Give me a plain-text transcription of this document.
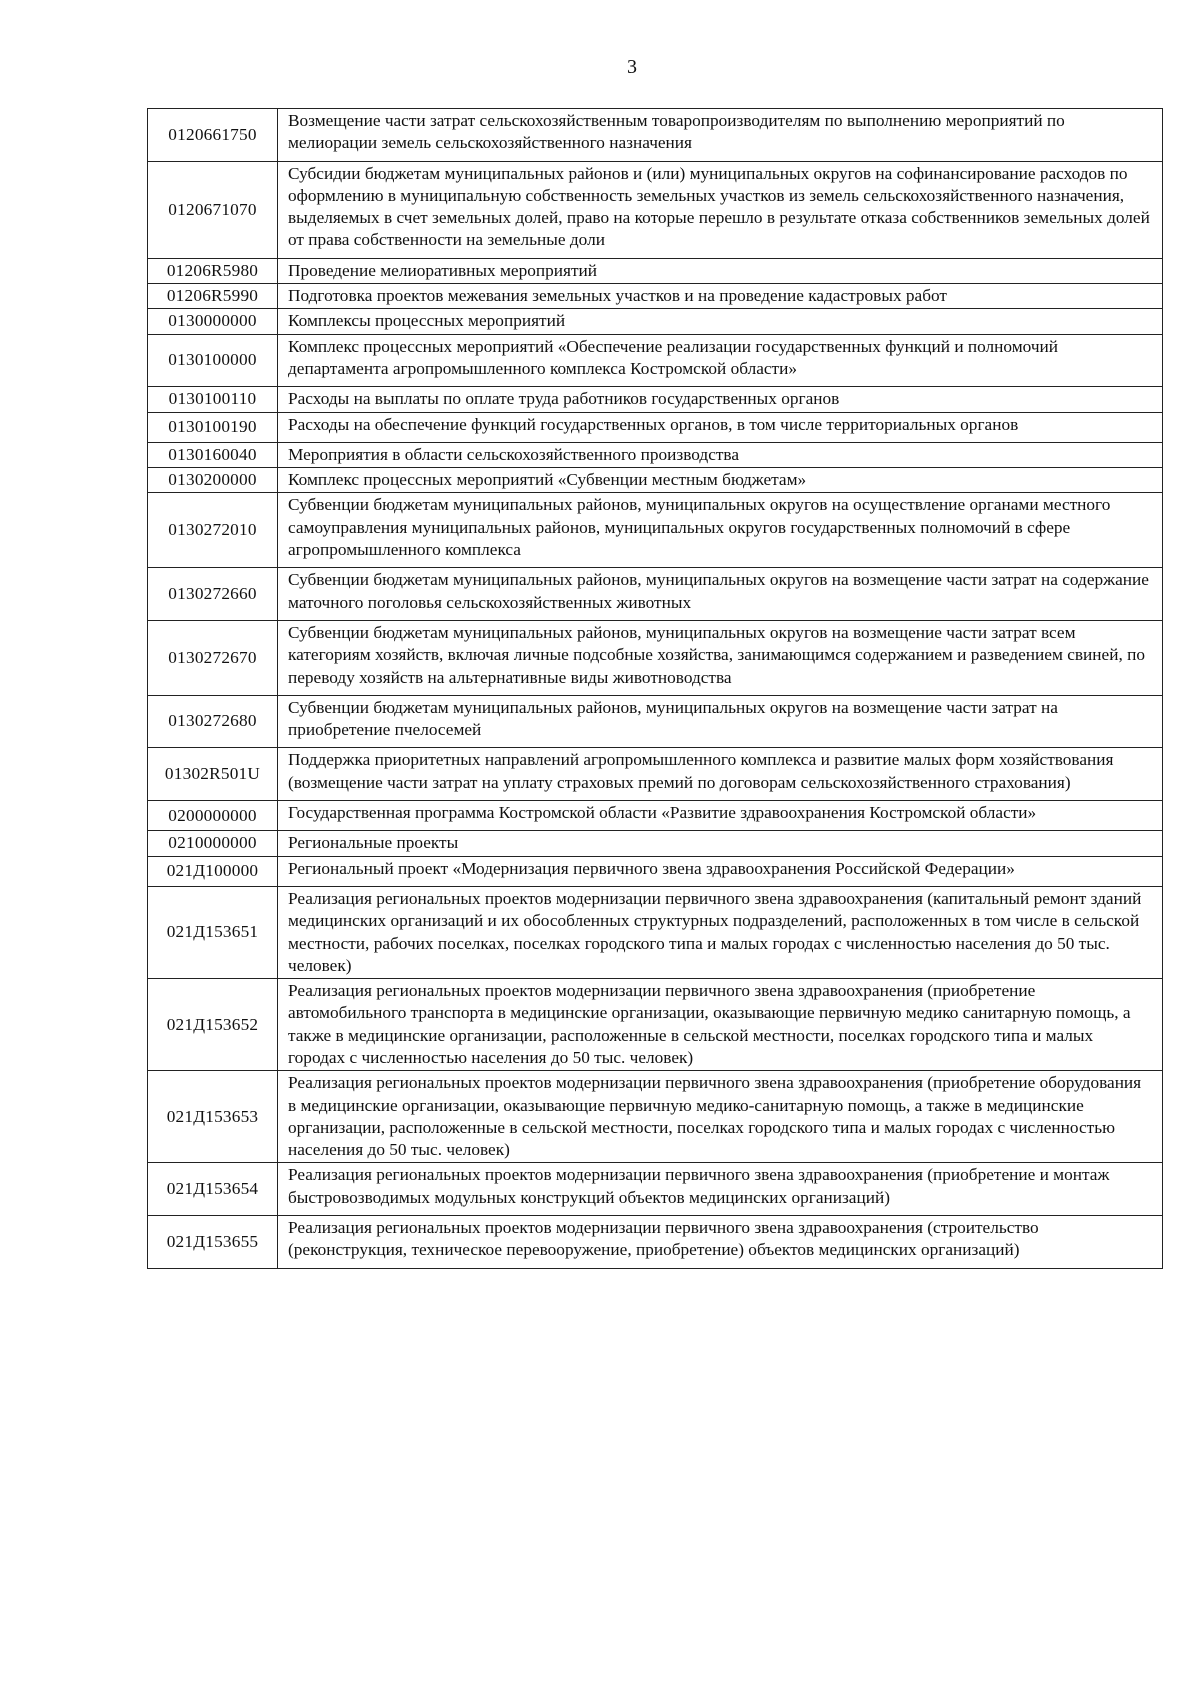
3
0120661750	Возмещение части затрат сельскохозяйственным товаропроизводителям по выполнению мероприятий по мелиорации земель сельскохозяйственного назначения
0120671070	Субсидии бюджетам муниципальных районов и (или) муниципальных округов на софинансирование расходов по оформлению в муниципальную собственность земельных участков из земель сельскохозяйственного назначения, выделяемых в счет земельных долей, право на которые перешло в результате отказа собственников земельных долей от права собственности на земельные доли
01206R5980	Проведение мелиоративных мероприятий
01206R5990	Подготовка проектов межевания земельных участков и на проведение кадастровых работ
0130000000	Комплексы процессных мероприятий
0130100000	Комплекс процессных мероприятий «Обеспечение реализации государственных функций и полномочий департамента агропромышленного комплекса Костромской области»
0130100110	Расходы на выплаты по оплате труда работников государственных органов
0130100190	Расходы на обеспечение функций государственных органов, в том числе территориальных органов
0130160040	Мероприятия в области сельскохозяйственного производства
0130200000	Комплекс процессных мероприятий «Субвенции местным бюджетам»
0130272010	Субвенции бюджетам муниципальных районов, муниципальных округов на осуществление органами местного самоуправления муниципальных районов, муниципальных округов государственных полномочий в сфере агропромышленного комплекса
0130272660	Субвенции бюджетам муниципальных районов, муниципальных округов на возмещение части затрат на содержание маточного поголовья сельскохозяйственных животных
0130272670	Субвенции бюджетам муниципальных районов, муниципальных округов на возмещение части затрат всем категориям хозяйств, включая личные подсобные хозяйства, занимающимся содержанием и разведением свиней, по переводу хозяйств на альтернативные виды животноводства
0130272680	Субвенции бюджетам муниципальных районов, муниципальных округов на возмещение части затрат на приобретение пчелосемей
01302R501U	Поддержка приоритетных направлений агропромышленного комплекса и развитие малых форм хозяйствования (возмещение части затрат на уплату страховых премий по договорам сельскохозяйственного страхования)
0200000000	Государственная программа Костромской области «Развитие здравоохранения Костромской области»
0210000000	Региональные проекты
021Д100000	Региональный проект «Модернизация первичного звена здравоохранения Российской Федерации»
021Д153651	Реализация региональных проектов модернизации первичного звена здравоохранения (капитальный ремонт зданий медицинских организаций и их обособленных структурных подразделений, расположенных в том числе в сельской местности, рабочих поселках, поселках городского типа и малых городах с численностью населения до 50 тыс. человек)
021Д153652	Реализация региональных проектов модернизации первичного звена здравоохранения (приобретение автомобильного транспорта в медицинские организации, оказывающие первичную медико санитарную помощь, а также в медицинские организации, расположенные в сельской местности, поселках городского типа и малых городах с численностью населения до 50 тыс. человек)
021Д153653	Реализация региональных проектов модернизации первичного звена здравоохранения (приобретение оборудования в медицинские организации, оказывающие первичную медико-санитарную помощь, а также в медицинские организации, расположенные в сельской местности, поселках городского типа и малых городах с численностью населения до 50 тыс. человек)
021Д153654	Реализация региональных проектов модернизации первичного звена здравоохранения (приобретение и монтаж быстровозводимых модульных конструкций объектов медицинских организаций)
021Д153655	Реализация региональных проектов модернизации первичного звена здравоохранения (строительство (реконструкция, техническое перевооружение, приобретение) объектов медицинских организаций)
